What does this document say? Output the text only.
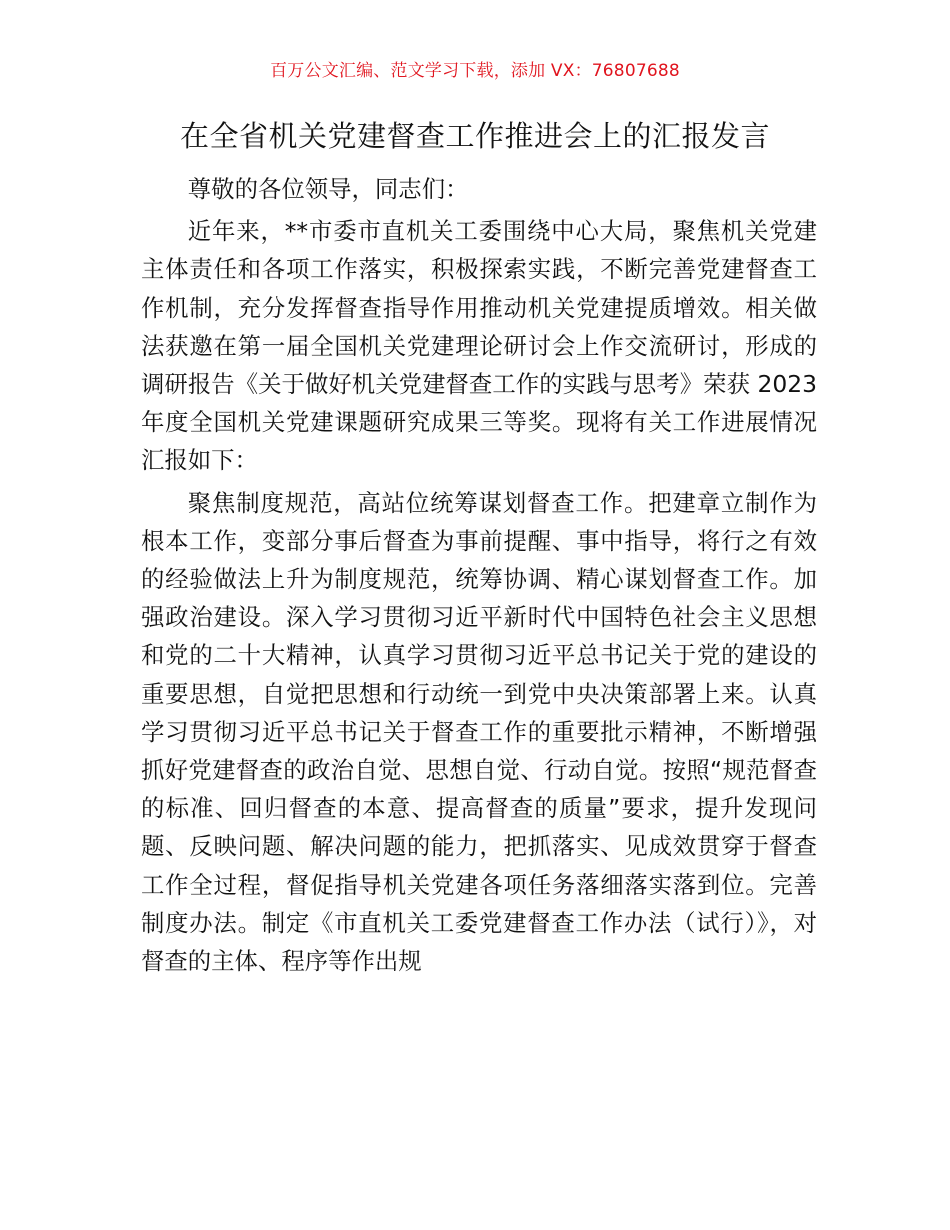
百万公文汇编、范文学习下载，添加 VX：76807688
在全省机关党建督查工作推进会上的汇报发言

尊敬的各位领导，同志们：

近年来，**市委市直机关工委围绕中心大局，聚焦机关党建主体责任和各项工作落实，积极探索实践，不断完善党建督查工作机制，充分发挥督查指导作用推动机关党建提质增效。相关做法获邀在第一届全国机关党建理论研讨会上作交流研讨，形成的调研报告《关于做好机关党建督查工作的实践与思考》荣获 2023 年度全国机关党建课题研究成果三等奖。现将有关工作进展情况汇报如下：

聚焦制度规范，高站位统筹谋划督查工作。把建章立制作为根本工作，变部分事后督查为事前提醒、事中指导，将行之有效的经验做法上升为制度规范，统筹协调、精心谋划督查工作。加强政治建设。深入学习贯彻习近平新时代中国特色社会主义思想和党的二十大精神，认真学习贯彻习近平总书记关于党的建设的重要思想，自觉把思想和行动统一到党中央决策部署上来。认真学习贯彻习近平总书记关于督查工作的重要批示精神，不断增强抓好党建督查的政治自觉、思想自觉、行动自觉。按照“规范督查的标准、回归督查的本意、提高督查的质量”要求，提升发现问题、反映问题、解决问题的能力，把抓落实、见成效贯穿于督查工作全过程，督促指导机关党建各项任务落细落实落到位。完善制度办法。制定《市直机关工委党建督查工作办法（试行）》，对督查的主体、程序等作出规
